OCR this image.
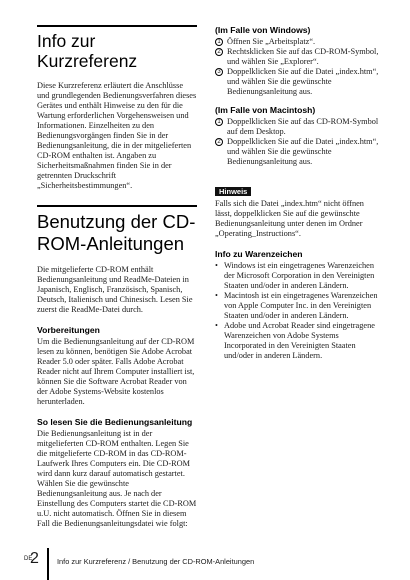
Info zur Kurzreferenz

Diese Kurzreferenz erläutert die Anschlüsse und grundlegenden Bedienungsverfahren dieses Gerätes und enthält Hinweise zu den für die Wartung erforderlichen Vorgehensweisen und Informationen. Einzelheiten zu den Bedienungsvorgängen finden Sie in der Bedienungsanleitung, die in der mitgelieferten CD-ROM enthalten ist. Angaben zu Sicherheitsmaßnahmen finden Sie in der getrennten Druckschrift „Sicherheitsbestimmungen“.

Benutzung der CD-ROM-Anleitungen

Die mitgelieferte CD-ROM enthält Bedienungsanleitung und ReadMe-Dateien in Japanisch, Englisch, Französisch, Spanisch, Deutsch, Italienisch und Chinesisch. Lesen Sie zuerst die ReadMe-Datei durch.

Vorbereitungen

Um die Bedienungsanleitung auf der CD-ROM lesen zu können, benötigen Sie Adobe Acrobat Reader 5.0 oder später. Falls Adobe Acrobat Reader nicht auf Ihrem Computer installiert ist, können Sie die Software Acrobat Reader von der Adobe Systems-Website kostenlos herunterladen.

So lesen Sie die Bedienungsanleitung

Die Bedienungsanleitung ist in der mitgelieferten CD-ROM enthalten. Legen Sie die mitgelieferte CD-ROM in das CD-ROM-Laufwerk Ihres Computers ein. Die CD-ROM wird dann kurz darauf automatisch gestartet. Wählen Sie die gewünschte Bedienungsanleitung aus. Je nach der Einstellung des Computers startet die CD-ROM u.U. nicht automatisch. Öffnen Sie in diesem Fall die Bedienungsanleitungsdatei wie folgt:

(Im Falle von Windows)
1 Öffnen Sie „Arbeitsplatz“.
2 Rechtsklicken Sie auf das CD-ROM-Symbol, und wählen Sie „Explorer“.
3 Doppelklicken Sie auf die Datei „index.htm“, und wählen Sie die gewünschte Bedienungsanleitung aus.
(Im Falle von Macintosh)
1 Doppelklicken Sie auf das CD-ROM-Symbol auf dem Desktop.
2 Doppelklicken Sie auf die Datei „index.htm“, und wählen Sie die gewünschte Bedienungsanleitung aus.
Hinweis

Falls sich die Datei „index.htm“ nicht öffnen lässt, doppelklicken Sie auf die gewünschte Bedienungsanleitung unter denen im Ordner „Operating_Instructions“.

Info zu Warenzeichen
• Windows ist ein eingetragenes Warenzeichen der Microsoft Corporation in den Vereinigten Staaten und/oder in anderen Ländern.
• Macintosh ist ein eingetragenes Warenzeichen von Apple Computer Inc. in den Vereinigten Staaten und/oder in anderen Ländern.
• Adobe und Acrobat Reader sind eingetragene Warenzeichen von Adobe Systems Incorporated in den Vereinigten Staaten und/oder in anderen Ländern.
DE
2 Info zur Kurzreferenz / Benutzung der CD-ROM-Anleitungen
